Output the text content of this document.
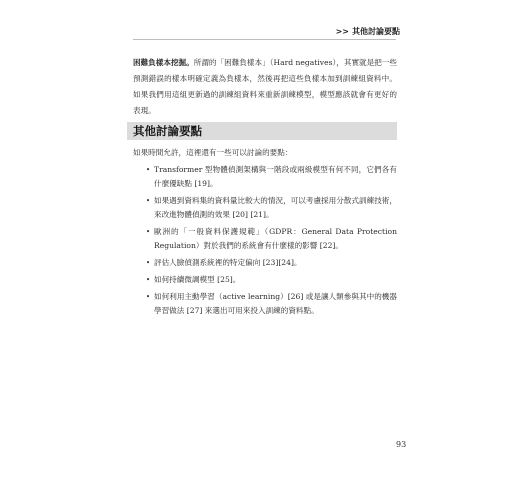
>> 其他討論要點

困難負樣本挖掘。所謂的「困難負樣本」（Hard negatives），其實就是把一些預測錯誤的樣本明確定義為負樣本，然後再把這些負樣本加到訓練組資料中。如果我們用這組更新過的訓練組資料來重新訓練模型，模型應該就會有更好的表現。

其他討論要點

如果時間允許，這裡還有一些可以討論的要點：

• Transformer 型物體偵測架構與一階段或兩級模型有何不同，它們各有什麼優缺點 [19]。
• 如果遇到資料集的資料量比較大的情況，可以考慮採用分散式訓練技術，來改進物體偵測的效果 [20] [21]。
• 歐洲的「一般資料保護規範」（GDPR：General Data Protection Regulation）對於我們的系統會有什麼樣的影響 [22]。
• 評估人臉偵測系統裡的特定偏向 [23][24]。
• 如何持續微調模型 [25]。
• 如何利用主動學習（active learning）[26] 或是讓人類參與其中的機器學習做法 [27] 來選出可用來投入訓練的資料點。
93
